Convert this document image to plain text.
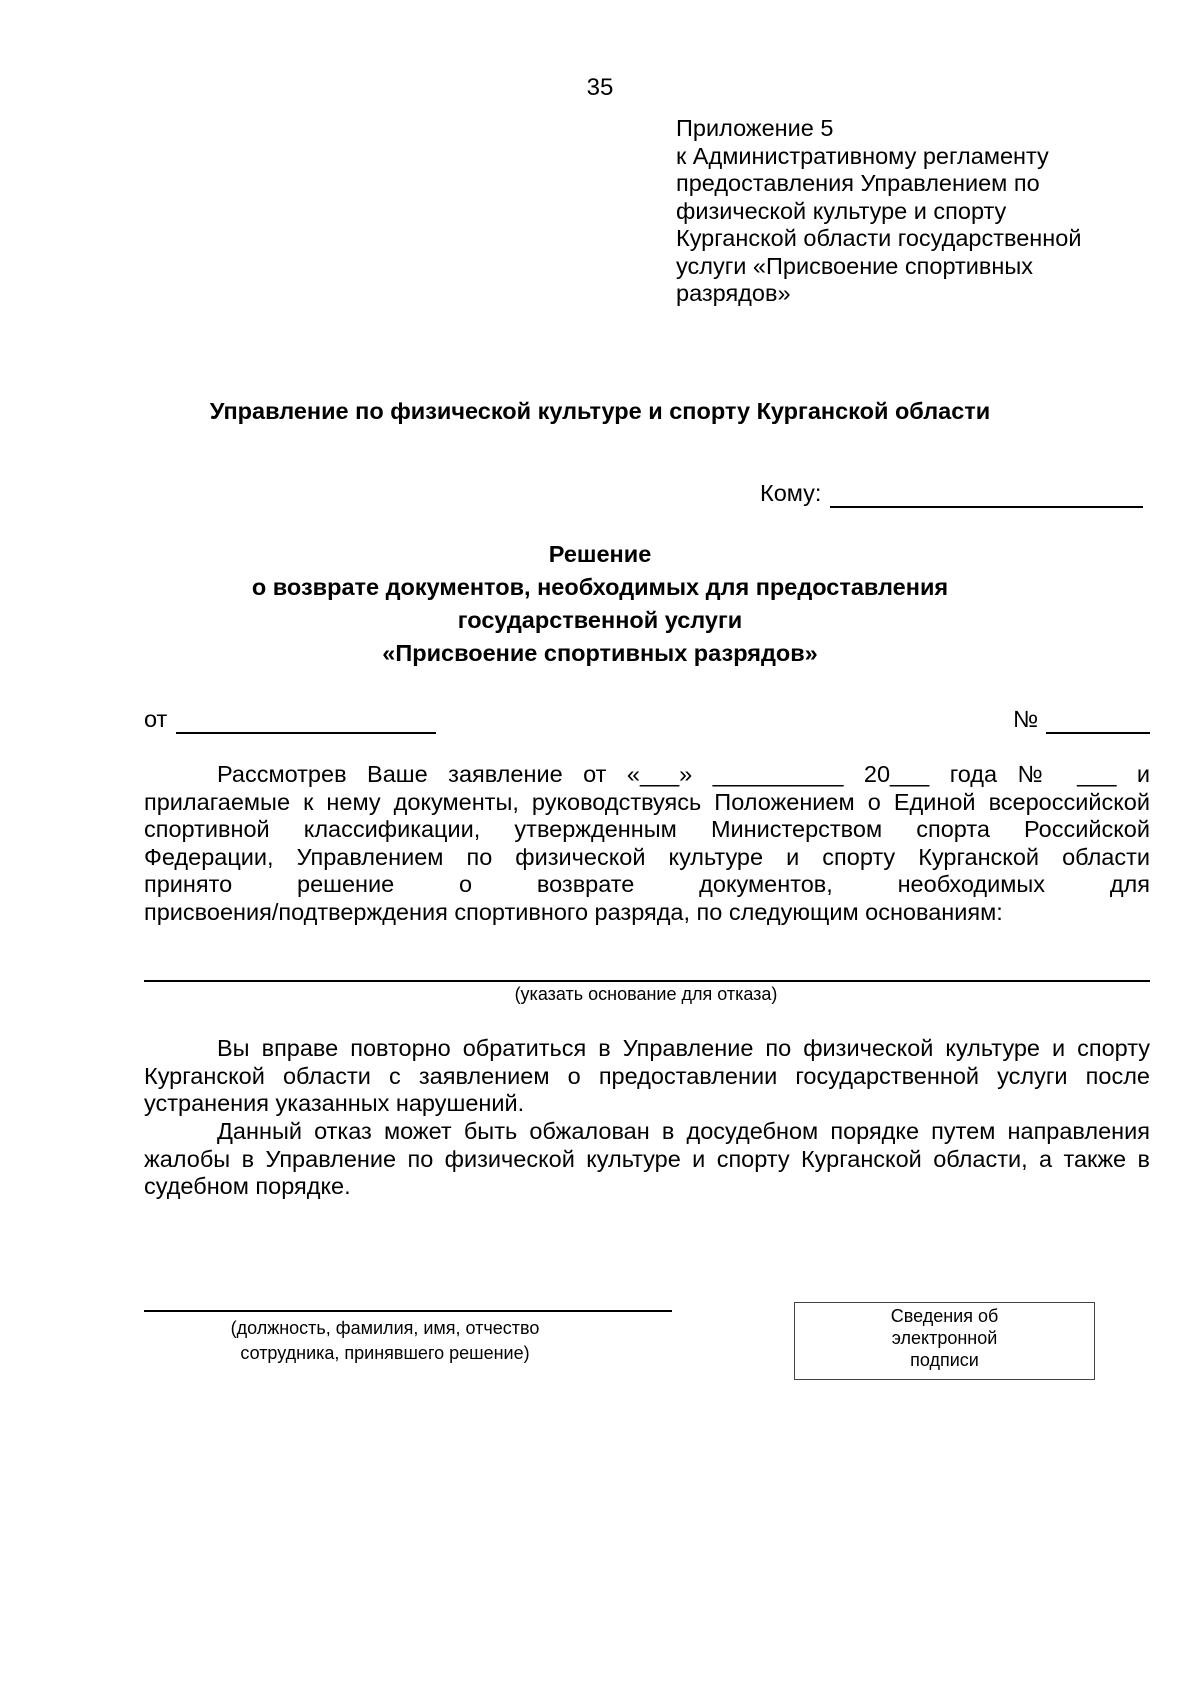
35
Приложение 5
к Административному регламенту
предоставления Управлением по
физической культуре и спорту
Курганской области государственной
услуги «Присвоение спортивных
разрядов»
Управление по физической культуре и спорту Курганской области
Кому:
Решение
о возврате документов, необходимых для предоставления
государственной услуги
«Присвоение спортивных разрядов»
от	№
Рассмотрев Ваше заявление от «___» __________ 20___ года № ___ и
прилагаемые к нему документы, руководствуясь Положением о Единой всероссийской
спортивной классификации, утвержденным Министерством спорта Российской
Федерации, Управлением по физической культуре и спорту Курганской области
принято решение о возврате документов, необходимых для
присвоения/подтверждения спортивного разряда, по следующим основаниям:
(указать основание для отказа)
Вы вправе повторно обратиться в Управление по физической культуре и спорту
Курганской области с заявлением о предоставлении государственной услуги после
устранения указанных нарушений.
Данный отказ может быть обжалован в досудебном порядке путем направления
жалобы в Управление по физической культуре и спорту Курганской области, а также в
судебном порядке.
(должность, фамилия, имя, отчество
сотрудника, принявшего решение)
Сведения об
электронной
подписи
